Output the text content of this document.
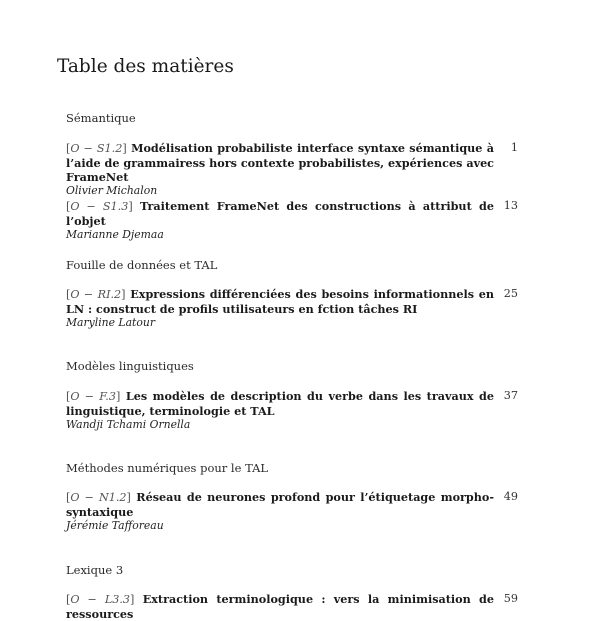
Table des matières
Sémantique
[O − S1.2] Modélisation probabiliste interface syntaxe sémantique à l’aide de grammairess hors contexte probabilistes, expériences avec FrameNet
Olivier Michalon
1
[O − S1.3] Traitement FrameNet des constructions à attribut de l’objet
Marianne Djemaa
13
Fouille de données et TAL
[O − RI.2] Expressions différenciées des besoins informationnels en LN : construct de profils utilisateurs en fction tâches RI
Maryline Latour
25
Modèles linguistiques
[O − F.3] Les modèles de description du verbe dans les travaux de linguistique, terminologie et TAL
Wandji Tchami Ornella
37
Méthodes numériques pour le TAL
[O − N1.2] Réseau de neurones profond pour l’étiquetage morpho-syntaxique
Jérémie Tafforeau
49
Lexique 3
[O − L3.3] Extraction terminologique : vers la minimisation de ressources
59
